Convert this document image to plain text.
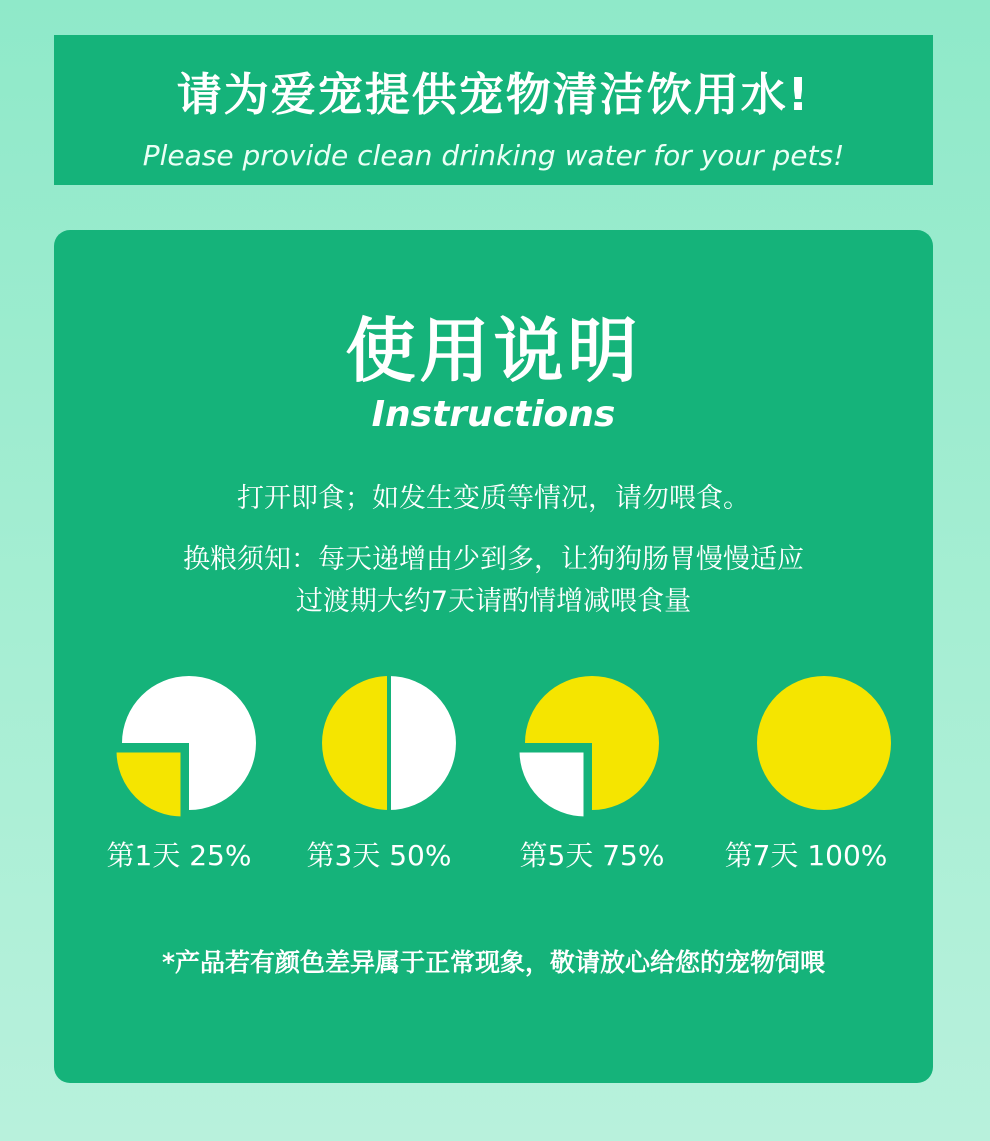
请为爱宠提供宠物清洁饮用水!
Please provide clean drinking water for your pets!
使用说明
Instructions
打开即食；如发生变质等情况，请勿喂食。
换粮须知：每天递增由少到多，让狗狗肠胃慢慢适应
过渡期大约7天请酌情增减喂食量
第1天 25%	第3天 50%	第5天 75%	第7天 100%
*产品若有颜色差异属于正常现象，敬请放心给您的宠物饲喂
